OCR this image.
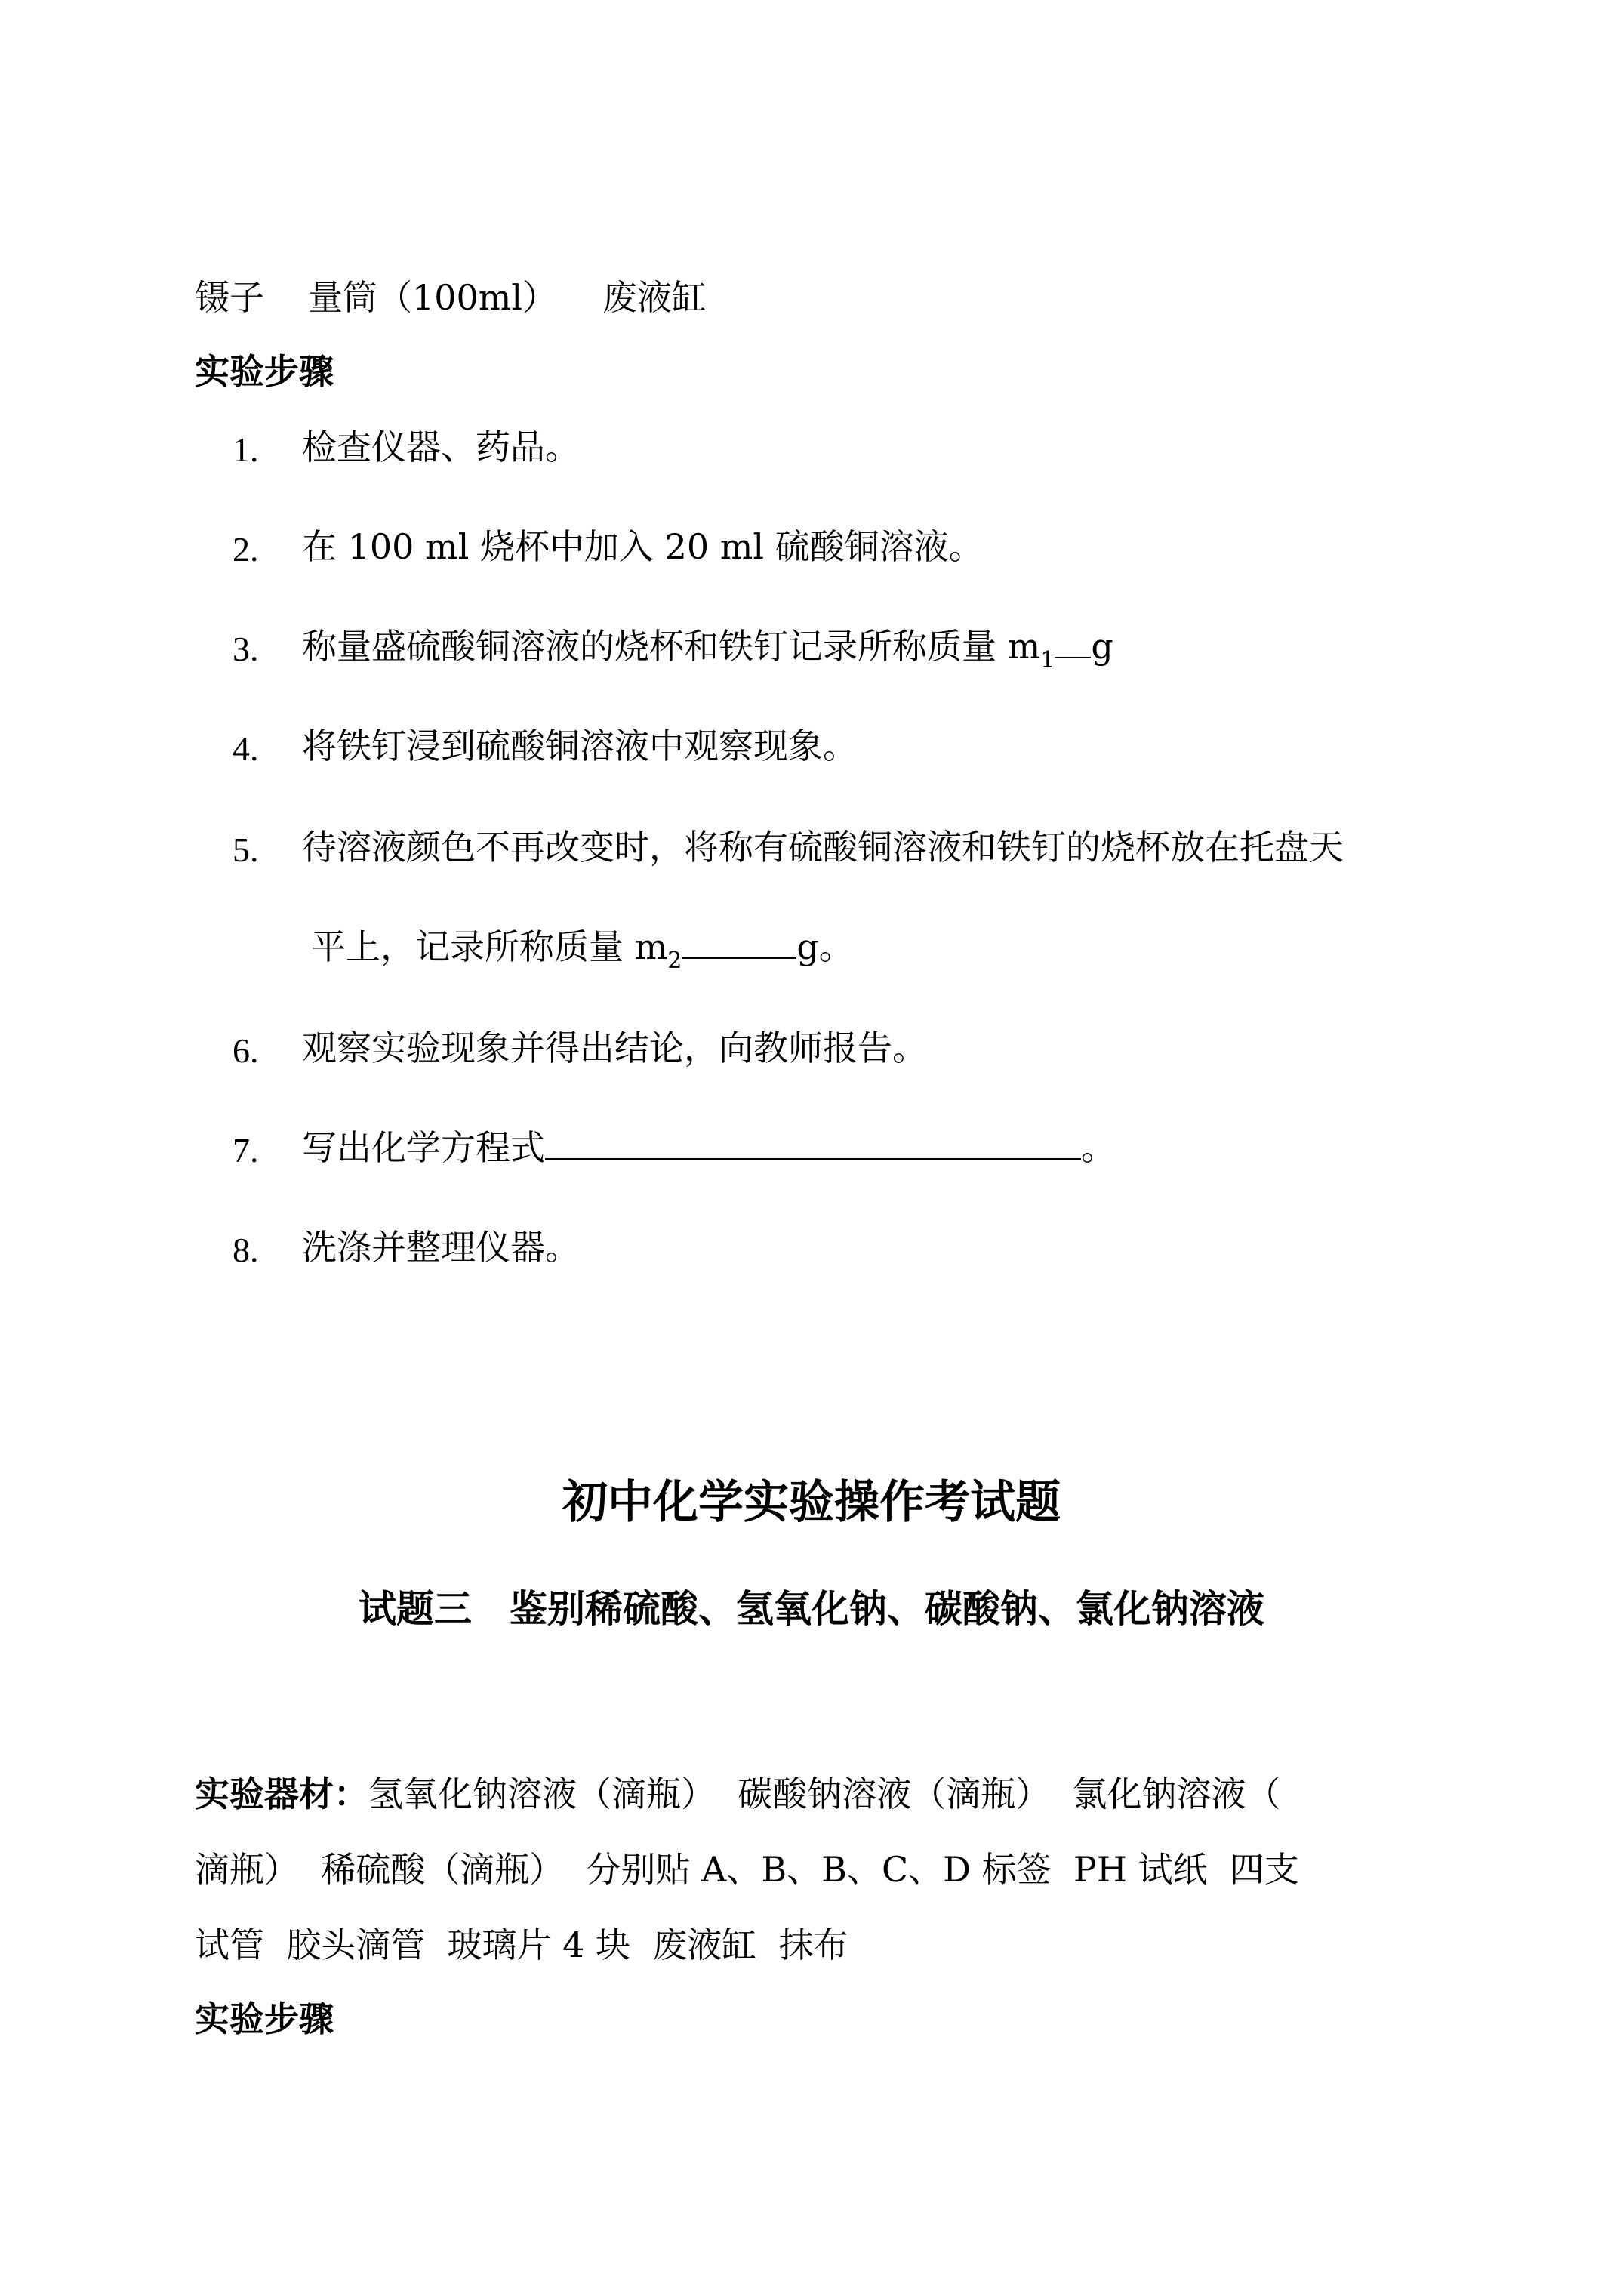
镊子 量筒（100ml） 废液缸
实验步骤
1. 检查仪器、药品。
2. 在 100 ml 烧杯中加入 20 ml 硫酸铜溶液。
3. 称量盛硫酸铜溶液的烧杯和铁钉记录所称质量 $m_1$ g
4. 将铁钉浸到硫酸铜溶液中观察现象。
5. 待溶液颜色不再改变时，将称有硫酸铜溶液和铁钉的烧杯放在托盘天
平上，记录所称质量 $m_2$	g。
6. 观察实验现象并得出结论，向教师报告。
7. 写出化学方程式	。
8. 洗涤并整理仪器。
初中化学实验操作考试题
试题三 鉴别稀硫酸、氢氧化钠、碳酸钠、氯化钠溶液
实验器材：氢氧化钠溶液（滴瓶）  碳酸钠溶液（滴瓶）  氯化钠溶液（
滴瓶）  稀硫酸（滴瓶）  分别贴 A、B、B、C、D 标签  PH 试纸  四支
试管  胶头滴管  玻璃片 4 块  废液缸  抹布
实验步骤
